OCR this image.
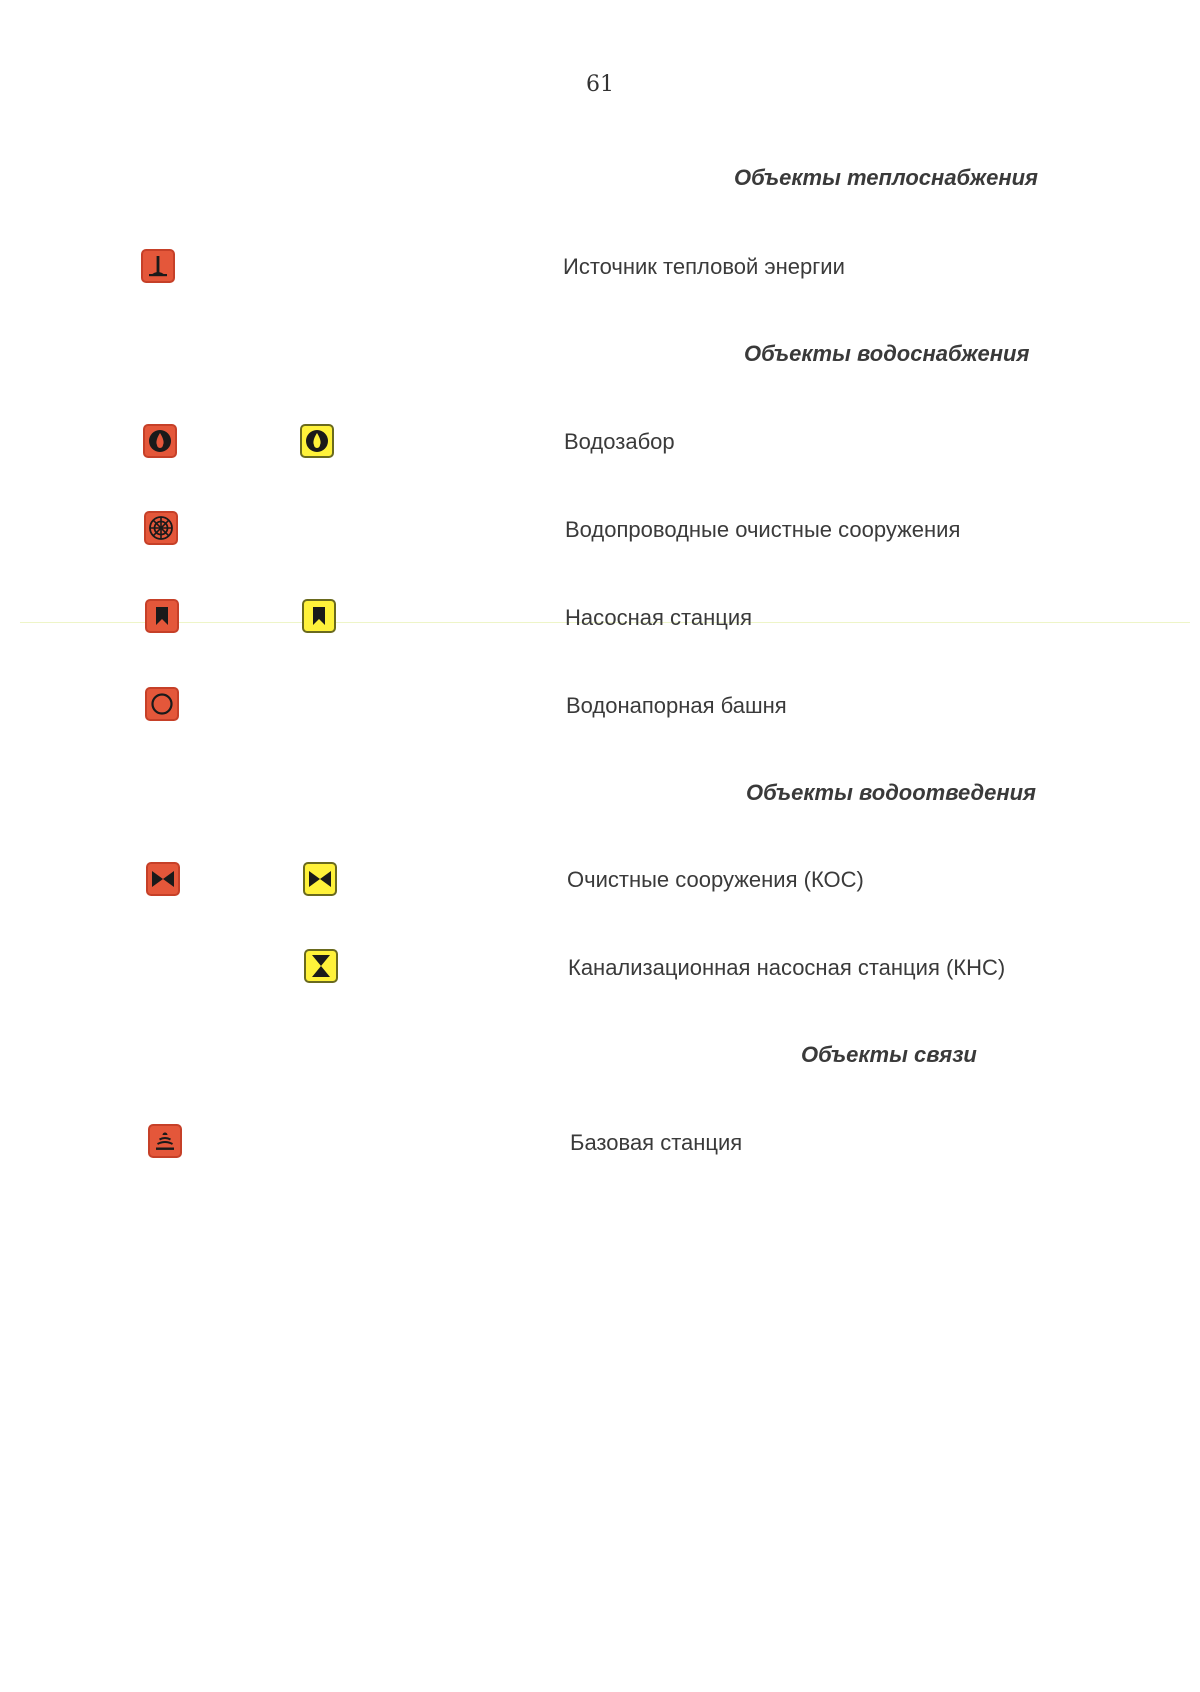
61
Объекты теплоснабжения
Источник тепловой энергии
Объекты водоснабжения
Водозабор
Водопроводные очистные сооружения
Насосная станция
Водонапорная башня
Объекты водоотведения
Очистные сооружения (КОС)
Канализационная насосная станция (КНС)
Объекты связи
Базовая станция
